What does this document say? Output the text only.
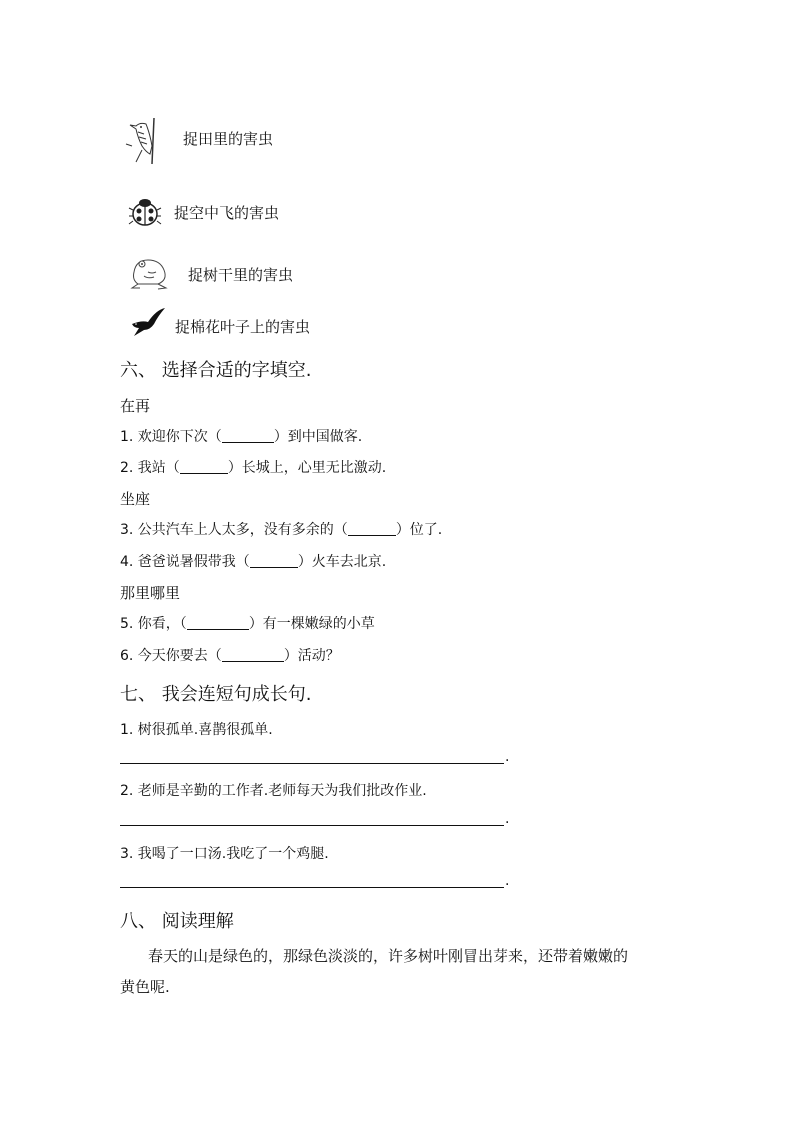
捉田里的害虫
捉空中飞的害虫
捉树干里的害虫
捉棉花叶子上的害虫
六、 选择合适的字填空.
在再
1. 欢迎你下次（	）到中国做客.
2. 我站（	）长城上，心里无比激动.
坐座
3. 公共汽车上人太多，没有多余的（	）位了.
4. 爸爸说暑假带我（	）火车去北京.
那里哪里
5. 你看，（	）有一棵嫩绿的小草
6. 今天你要去（	）活动？
七、 我会连短句成长句.
1. 树很孤单.喜鹊很孤单.
.
2. 老师是辛勤的工作者.老师每天为我们批改作业.
.
3. 我喝了一口汤.我吃了一个鸡腿.
.
八、 阅读理解
春天的山是绿色的，那绿色淡淡的，许多树叶刚冒出芽来，还带着嫩嫩的
黄色呢.
